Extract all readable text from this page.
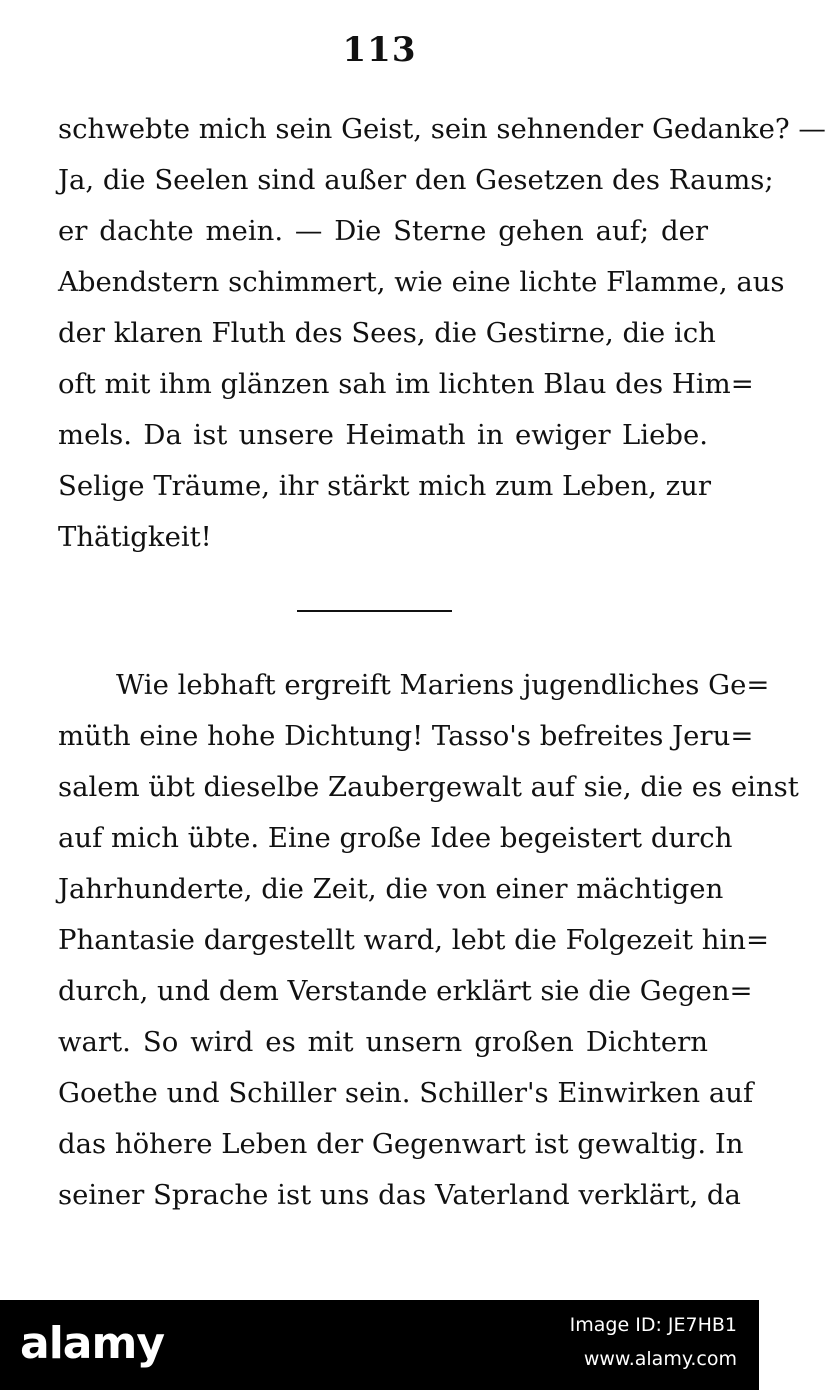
113
schwebte mich sein Geist, sein sehnender Gedanke? —
Ja, die Seelen sind außer den Gesetzen des Raums;
er dachte mein. — Die Sterne gehen auf; der
Abendstern schimmert, wie eine lichte Flamme, aus
der klaren Fluth des Sees, die Gestirne, die ich
oft mit ihm glänzen sah im lichten Blau des Him=
mels. Da ist unsere Heimath in ewiger Liebe.
Selige Träume, ihr stärkt mich zum Leben, zur
Thätigkeit!
Wie lebhaft ergreift Mariens jugendliches Ge=
müth eine hohe Dichtung! Tasso's befreites Jeru=
salem übt dieselbe Zaubergewalt auf sie, die es einst
auf mich übte. Eine große Idee begeistert durch
Jahrhunderte, die Zeit, die von einer mächtigen
Phantasie dargestellt ward, lebt die Folgezeit hin=
durch, und dem Verstande erklärt sie die Gegen=
wart. So wird es mit unsern großen Dichtern
Goethe und Schiller sein. Schiller's Einwirken auf
das höhere Leben der Gegenwart ist gewaltig. In
seiner Sprache ist uns das Vaterland verklärt, da
alamy	Image ID: JE7HB1
www.alamy.com
